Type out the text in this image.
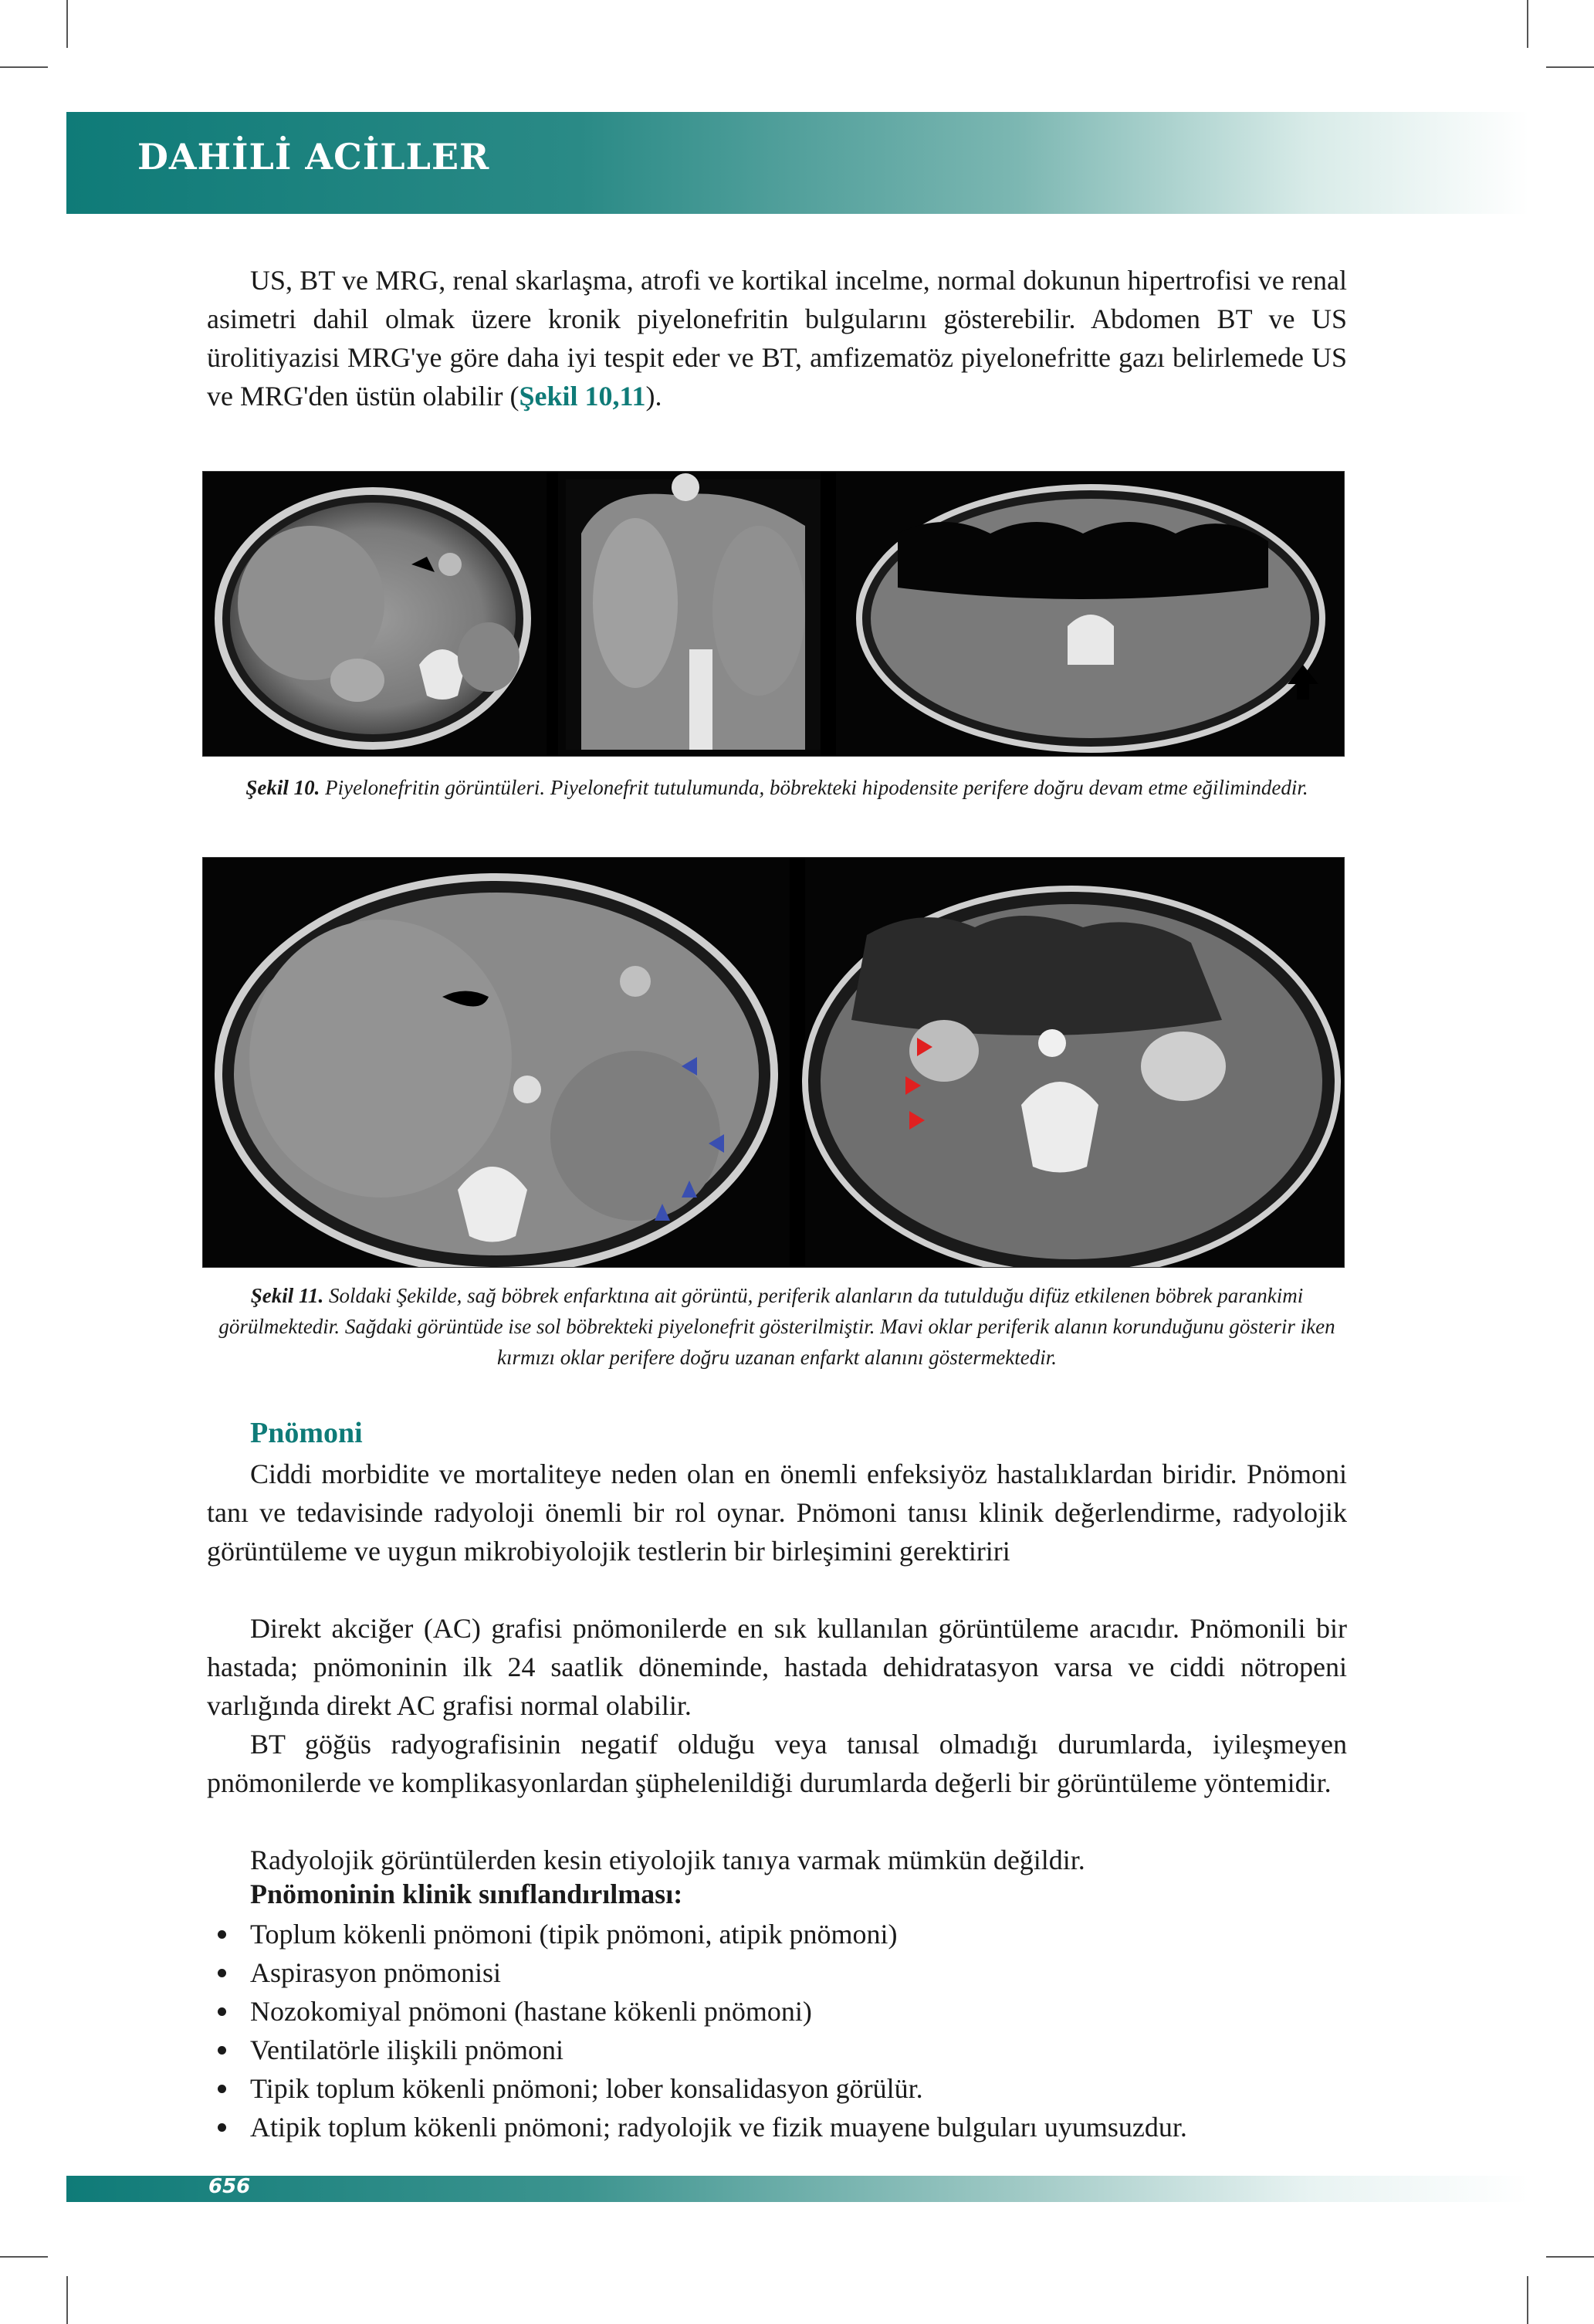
DAHİLİ ACİLLER
US, BT ve MRG, renal skarlaşma, atrofi ve kortikal incelme, normal dokunun hipertrofisi ve renal asimetri dahil olmak üzere kronik piyelonefritin bulgularını gösterebilir. Abdomen BT ve US ürolitiyazisi MRG'ye göre daha iyi tespit eder ve BT, amfizematöz piyelonefritte gazı belirlemede US ve MRG'den üstün olabilir (Şekil 10,11).
Şekil 10. Piyelonefritin görüntüleri. Piyelonefrit tutulumunda, böbrekteki hipodensite perifere doğru devam etme eğilimindedir.
Şekil 11. Soldaki Şekilde, sağ böbrek enfarktına ait görüntü, periferik alanların da tutulduğu difüz etkilenen böbrek parankimi görülmektedir. Sağdaki görüntüde ise sol böbrekteki piyelonefrit gösterilmiştir. Mavi oklar periferik alanın korunduğunu gösterir iken kırmızı oklar perifere doğru uzanan enfarkt alanını göstermektedir.
Pnömoni
Ciddi morbidite ve mortaliteye neden olan en önemli enfeksiyöz hastalıklardan biridir. Pnömoni tanı ve tedavisinde radyoloji önemli bir rol oynar. Pnömoni tanısı klinik değerlendirme, radyolojik görüntüleme ve uygun mikrobiyolojik testlerin bir birleşimini gerektiriri
Direkt akciğer (AC) grafisi pnömonilerde en sık kullanılan görüntüleme aracıdır. Pnömonili bir hastada; pnömoninin ilk 24 saatlik döneminde, hastada dehidratasyon varsa ve ciddi nötropeni varlığında direkt AC grafisi normal olabilir.
BT göğüs radyografisinin negatif olduğu veya tanısal olmadığı durumlarda, iyileşmeyen pnömonilerde ve komplikasyonlardan şüphelenildiği durumlarda değerli bir görüntüleme yöntemidir.
Radyolojik görüntülerden kesin etiyolojik tanıya varmak mümkün değildir.
Pnömoninin klinik sınıflandırılması:
Toplum kökenli pnömoni (tipik pnömoni, atipik pnömoni)
Aspirasyon pnömonisi
Nozokomiyal pnömoni (hastane kökenli pnömoni)
Ventilatörle ilişkili pnömoni
Tipik toplum kökenli pnömoni; lober konsalidasyon görülür.
Atipik toplum kökenli pnömoni; radyolojik ve fizik muayene bulguları uyumsuzdur.
656
